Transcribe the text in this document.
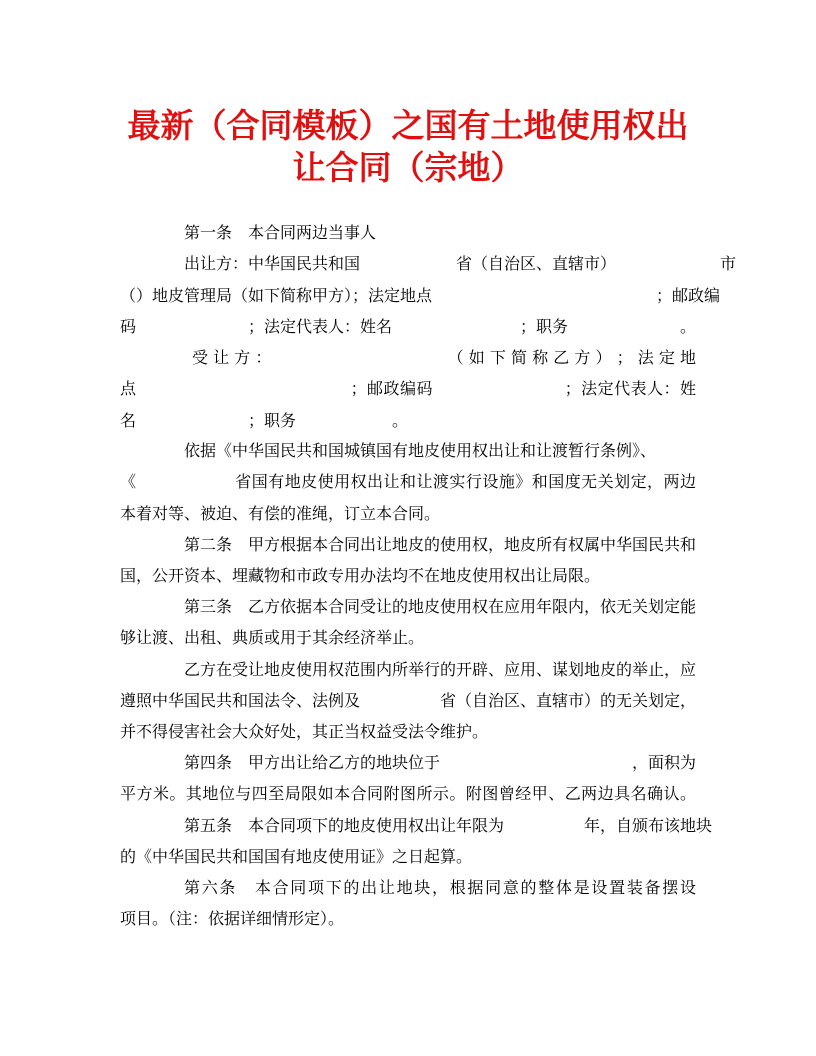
最新（合同模板）之国有土地使用权出
让合同（宗地）
第一条　本合同两边当事人
出让方：中华国民共和国　　　　　　省（自治区、直辖市）　　　　　　　市
（）地皮管理局（如下简称甲方）；法定地点　　　　　　　　　　　　　　；邮政编
码　　　　　　　；法定代表人：姓名　　　　　　　　；职务　　　　　　　。
受 让 方 ：　　　　　　　　　　　　（ 如 下 简 称 乙 方 ） ； 法 定 地
点　　　　　　　　　　　　　；邮政编码　　　　　　　　；法定代表人：姓
名　　　　　　　；职务　　　　　　。
依据《中华国民共和国城镇国有地皮使用权出让和让渡暂行条例》、
《　　　　　　省国有地皮使用权出让和让渡实行设施》和国度无关划定，两边
本着对等、被迫、有偿的准绳，订立本合同。
第二条　甲方根据本合同出让地皮的使用权，地皮所有权属中华国民共和
国，公开资本、埋藏物和市政专用办法均不在地皮使用权出让局限。
第三条　乙方依据本合同受让的地皮使用权在应用年限内，依无关划定能
够让渡、出租、典质或用于其余经济举止。
乙方在受让地皮使用权范围内所举行的开辟、应用、谋划地皮的举止，应
遵照中华国民共和国法令、法例及　　　　　省（自治区、直辖市）的无关划定，
并不得侵害社会大众好处，其正当权益受法令维护。
第四条　甲方出让给乙方的地块位于　　　　　　　　　　　　，面积为
平方米。其地位与四至局限如本合同附图所示。附图曾经甲、乙两边具名确认。
第五条　本合同项下的地皮使用权出让年限为　　　　　年，自颁布该地块
的《中华国民共和国国有地皮使用证》之日起算。
第六条　本合同项下的出让地块，根据同意的整体是设置装备摆设
项目。（注：依据详细情形定）。
